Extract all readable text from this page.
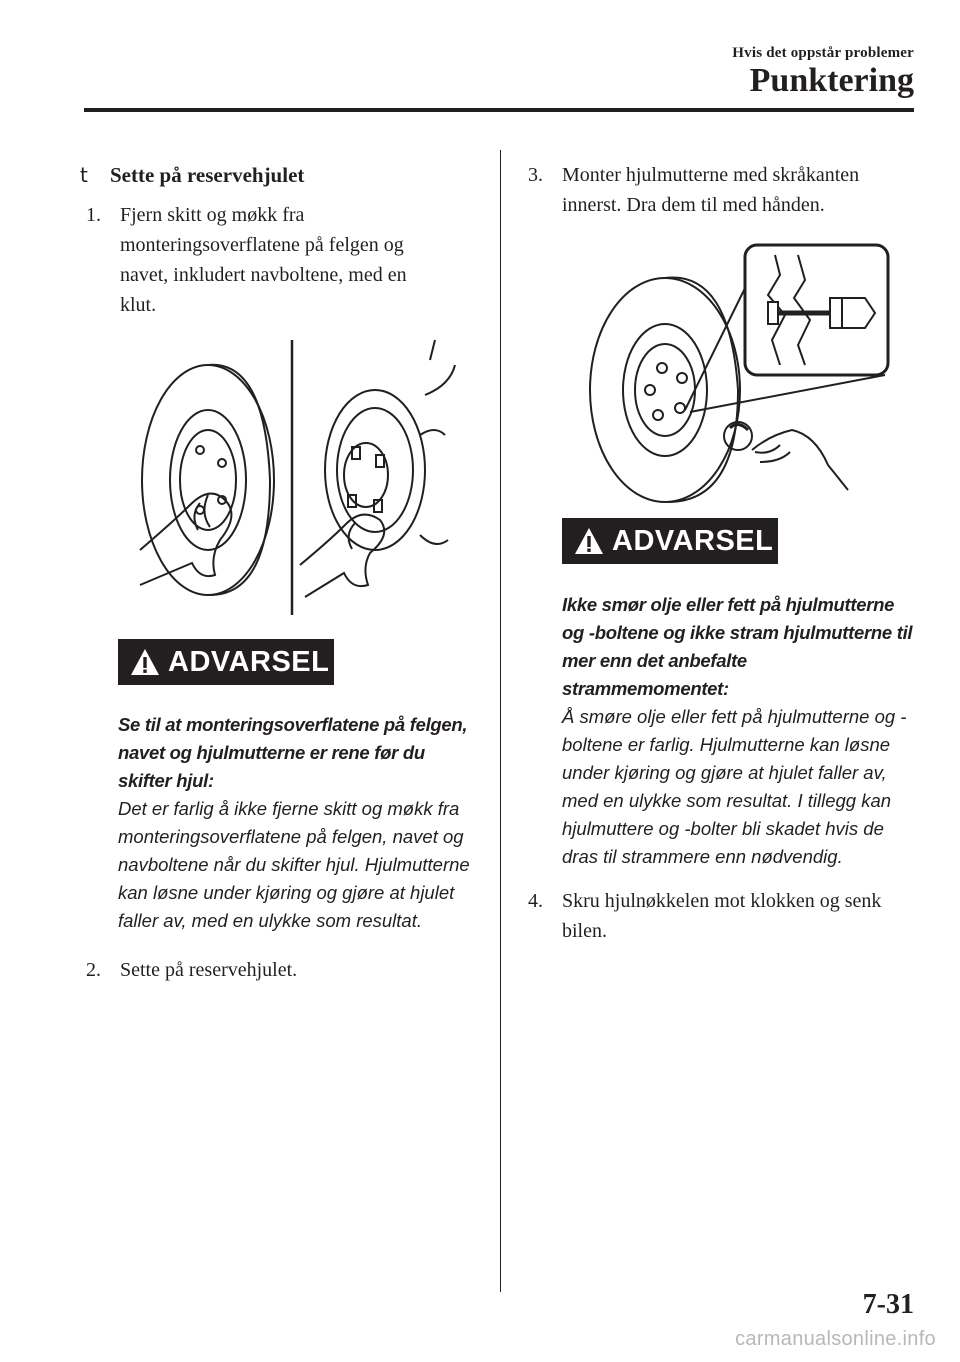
Hvis det oppstår problemer
Punktering
t Sette på reservehjulet
1. Fjern skitt og møkk fra monteringsoverflatene på felgen og navet, inkludert navboltene, med en klut.
ADVARSEL
Se til at monteringsoverflatene på felgen, navet og hjulmutterne er rene før du skifter hjul:
Det er farlig å ikke fjerne skitt og møkk fra monteringsoverflatene på felgen, navet og navboltene når du skifter hjul. Hjulmutterne kan løsne under kjøring og gjøre at hjulet faller av, med en ulykke som resultat.
2. Sette på reservehjulet.
3. Monter hjulmutterne med skråkanten innerst. Dra dem til med hånden.
ADVARSEL
Ikke smør olje eller fett på hjulmutterne og -boltene og ikke stram hjulmutterne til mer enn det anbefalte strammemomentet:
Å smøre olje eller fett på hjulmutterne og -boltene er farlig. Hjulmutterne kan løsne under kjøring og gjøre at hjulet faller av, med en ulykke som resultat. I tillegg kan hjulmuttere og -bolter bli skadet hvis de dras til strammere enn nødvendig.
4. Skru hjulnøkkelen mot klokken og senk bilen.
7-31
carmanualsonline.info
